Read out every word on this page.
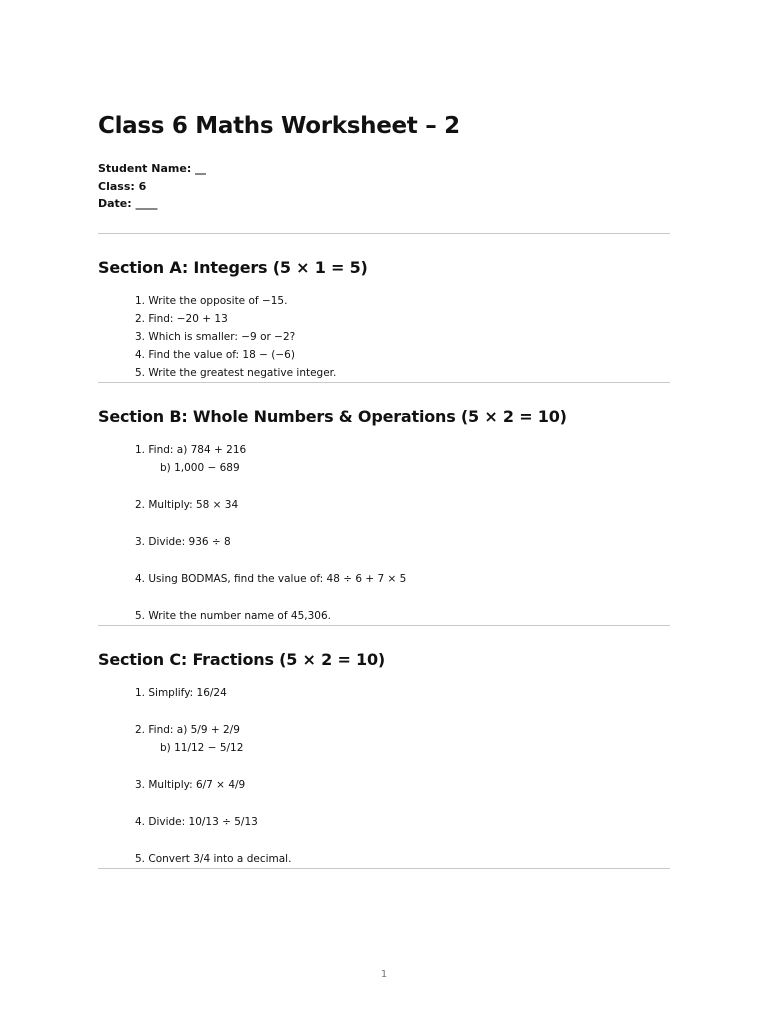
Class 6 Maths Worksheet – 2
Student Name: __
Class: 6
Date: ____
Section A: Integers (5 × 1 = 5)
1. Write the opposite of −15.
2. Find: −20 + 13
3. Which is smaller: −9 or −2?
4. Find the value of: 18 − (−6)
5. Write the greatest negative integer.
Section B: Whole Numbers & Operations (5 × 2 = 10)
1. Find: a) 784 + 216
b) 1,000 − 689
2. Multiply: 58 × 34
3. Divide: 936 ÷ 8
4. Using BODMAS, find the value of: 48 ÷ 6 + 7 × 5
5. Write the number name of 45,306.
Section C: Fractions (5 × 2 = 10)
1. Simplify: 16/24
2. Find: a) 5/9 + 2/9
b) 11/12 − 5/12
3. Multiply: 6/7 × 4/9
4. Divide: 10/13 ÷ 5/13
5. Convert 3/4 into a decimal.
1
